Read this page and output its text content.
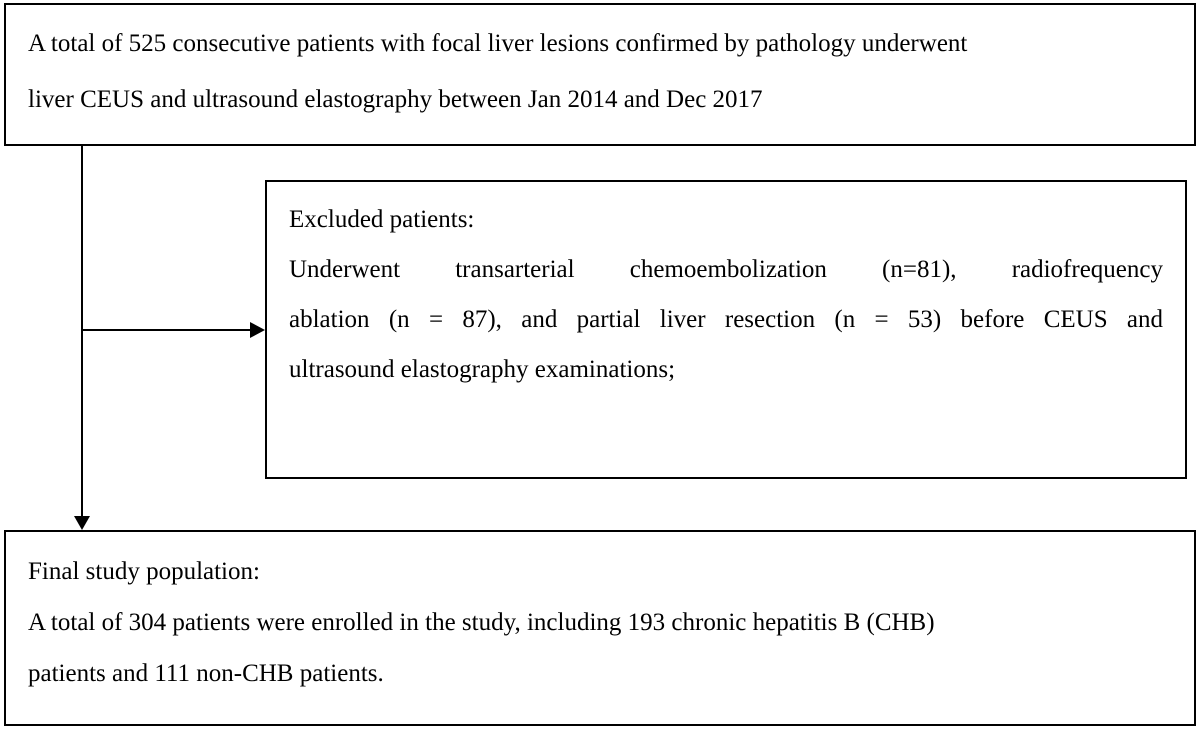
A total of 525 consecutive patients with focal liver lesions confirmed by pathology underwent
liver CEUS and ultrasound elastography between Jan 2014 and Dec 2017
Excluded patients:
Underwent transarterial chemoembolization (n=81), radiofrequency
ablation (n = 87), and partial liver resection (n = 53) before CEUS and
ultrasound elastography examinations;
Final study population:
A total of 304 patients were enrolled in the study, including 193 chronic hepatitis B (CHB)
patients and 111 non-CHB patients.
